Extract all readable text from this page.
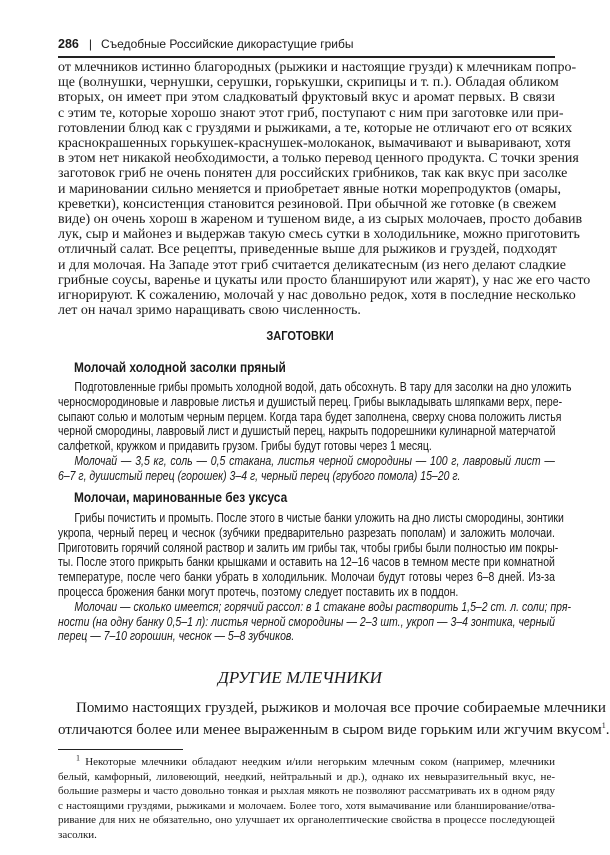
286 | Съедобные Российские дикорастущие грибы
от млечников истинно благородных (рыжики и настоящие грузди) к млечникам попро-
ще (волнушки, чернушки, серушки, горькушки, скрипицы и т. п.). Обладая обликом
вторых, он имеет при этом сладковатый фруктовый вкус и аромат первых. В связи
с этим те, которые хорошо знают этот гриб, поступают с ним при заготовке или при-
готовлении блюд как с груздями и рыжиками, а те, которые не отличают его от всяких
краснокрашенных горькушек-краснушек-молоканок, вымачивают и вываривают, хотя
в этом нет никакой необходимости, а только перевод ценного продукта. С точки зрения
заготовок гриб не очень понятен для российских грибников, так как вкус при засолке
и мариновании сильно меняется и приобретает явные нотки морепродуктов (омары,
креветки), консистенция становится резиновой. При обычной же готовке (в свежем
виде) он очень хорош в жареном и тушеном виде, а из сырых молочаев, просто добавив
лук, сыр и майонез и выдержав такую смесь сутки в холодильнике, можно приготовить
отличный салат. Все рецепты, приведенные выше для рыжиков и груздей, подходят
и для молочая. На Западе этот гриб считается деликатесным (из него делают сладкие
грибные соусы, варенье и цукаты или просто бланшируют или жарят), у нас же его часто
игнорируют. К сожалению, молочай у нас довольно редок, хотя в последние несколько
лет он начал зримо наращивать свою численность.
ЗАГОТОВКИ
Молочай холодной засолки пряный
Подготовленные грибы промыть холодной водой, дать обсохнуть. В тару для засолки на дно уложить
черносмородиновые и лавровые листья и душистый перец. Грибы выкладывать шляпками верх, пере-
сыпают солью и молотым черным перцем. Когда тара будет заполнена, сверху снова положить листья
черной смородины, лавровый лист и душистый перец, накрыть подорешники кулинарной матерчатой
салфеткой, кружком и придавить грузом. Грибы будут готовы через 1 месяц.
Молочай — 3,5 кг, соль — 0,5 стакана, листья черной смородины — 100 г, лавровый лист —
6–7 г, душистый перец (горошек) 3–4 г, черный перец (грубого помола) 15–20 г.
Молочаи, маринованные без уксуса
Грибы почистить и промыть. После этого в чистые банки уложить на дно листы смородины, зонтики
укропа, черный перец и чеснок (зубчики предварительно разрезать пополам) и заложить молочаи.
Приготовить горячий соляной раствор и залить им грибы так, чтобы грибы были полностью им покры-
ты. После этого прикрыть банки крышками и оставить на 12–16 часов в темном месте при комнатной
температуре, после чего банки убрать в холодильник. Молочаи будут готовы через 6–8 дней. Из-за
процесса брожения банки могут протечь, поэтому следует поставить их в поддон.
Молочаи — сколько имеется; горячий рассол: в 1 стакане воды растворить 1,5–2 ст. л. соли; пря-
ности (на одну банку 0,5–1 л): листья черной смородины — 2–3 шт., укроп — 3–4 зонтика, черный
перец — 7–10 горошин, чеснок — 5–8 зубчиков.
ДРУГИЕ МЛЕЧНИКИ
Помимо настоящих груздей, рыжиков и молочая все прочие собираемые млечники
отличаются более или менее выраженным в сыром виде горьким или жгучим вкусом$^1$.
$^1$ Некоторые млечники обладают неедким и/или негорьким млечным соком (например, млечники
белый, камфорный, лиловеющий, неедкий, нейтральный и др.), однако их невыразительный вкус, не-
большие размеры и часто довольно тонкая и рыхлая мякоть не позволяют рассматривать их в одном ряду
с настоящими груздями, рыжиками и молочаем. Более того, хотя вымачивание или бланширование/отва-
ривание для них не обязательно, оно улучшает их органолептические свойства в процессе последующей
засолки.
